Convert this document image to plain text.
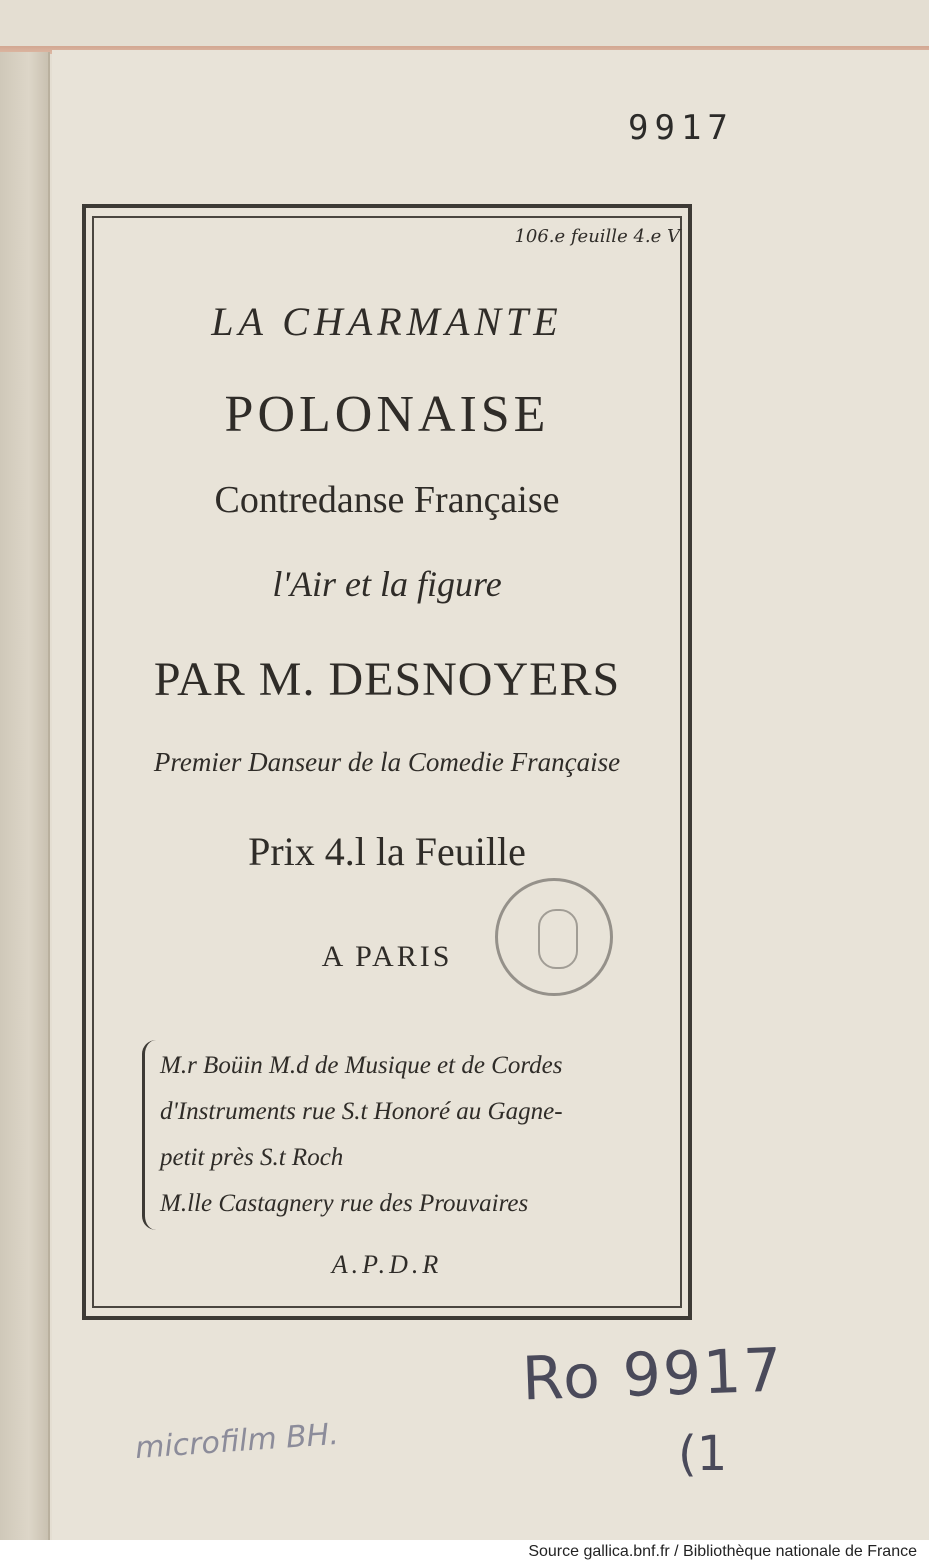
9917
106.e feuille 4.e V
LA CHARMANTE
POLONAISE
Contredanse Française
l'Air et la figure
PAR M. DESNOYERS
Premier Danseur de la Comedie Française
Prix 4.l la Feuille
A PARIS
M.r Boüin M.d de Musique et de Cordes
d'Instruments rue S.t Honoré au Gagne-
petit près S.t Roch
M.lle Castagnery rue des Prouvaires
A.P.D.R
Ro 9917
(1
microfilm BH.
Source gallica.bnf.fr / Bibliothèque nationale de France
